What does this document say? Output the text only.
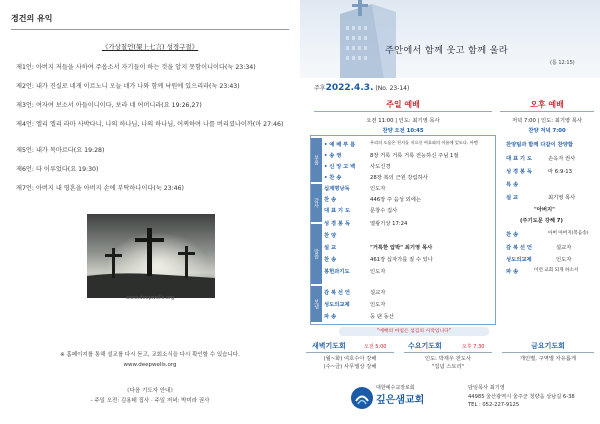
경건의 유익
《가상칠언(架上七言) 성경구절》
제1언: 아버지 저들을 사하여 주옵소서 자기들이 하는 것을 알지 못함이니이다(눅 23:34)
제2언: 내가 진실로 네게 이르노니 오늘 네가 나와 함께 낙원에 있으리라(눅 23:43)
제3언: 여자여 보소서 아들이니이다, 보라 네 어머니라(요 19:26,27)
제4언: 엘리 엘리 라마 사박다니, 나의 하나님, 나의 하나님, 어찌하여 나를 버리셨나이까(마 27:46)
제5언: 내가 목마르다(요 19:28)
제6언: 다 이루었다(요 19:30)
제7언: 아버지 내 영혼을 아버지 손에 부탁하나이다(눅 23:46)
www.deepwells.org
※ 홈페이지를 통해 설교를 다시 듣고, 교회소식을 다시 확인할 수 있습니다.
www.deepwells.org
《다음 기도자 안내》
- 주일 오전: 김용태 집사 · 주일 저녁: 박미라 권사
주안에서 함께 웃고 함께 울라
(롬 12:15)
주후2022.4.3. (No. 23-14)
주일 예배
오전 11:00 | 인도: 최기영 목사
찬양 오전 10:45
부름
감사
말씀
보냄
• 예 배 부 름	우리의 도움은 천지를 지으신 여호와의 이름에 있도다. 아멘
• 송 영	8장 거룩 거룩 거룩 전능하신 주님 1절
• 신 앙 고 백	사도신경
• 찬 송	28장 복의 근원 강림하사
십계명낭독	인도자
찬 송	446장 주 음성 외에는
대 표 기 도	문창수 집사
성 경 봉 독	열왕기상 17:24
찬 양
설 교	"거룩한 압박" 최기영 목사
찬 송	461장 십자가를 질 수 있나
봉헌과기도	인도자
감 복 선 언	설교자
성도의교제	인도자
파 송	둥 댄 동산
"예배의 마침은 섬김의 시작입니다"
오후 예배
저녁 7:00 | 인도: 최기영 목사
찬양 저녁 7:00
찬양팀과 함께 다같이 찬양합
대 표 기 도	손옥자 권사
성 경 봉 독	마 6:9-13
특 송
설 교	최기영 목사
"아버지"
(주기도문 강해 7)
찬 송	아버 아버지(복음송)
감 복 선 언	설교자
성도의교제	인도자
파 송	이런 교회 되게 하소서
새벽기도회	오전 5:00
(월~화) 여호수아 강해
(수~금) 사무엘상 강해
수요기도회	오후 7:30
인도: 박재우 전도사
"집념 스토리"
금요기도회
개인별, 구역별 자유롭게
대한예수교장로회
깊은샘교회
담임목사 최기영
44985 울산광역시 울주군 청량읍 상남길 6-38
TEL : 052-227-9125
